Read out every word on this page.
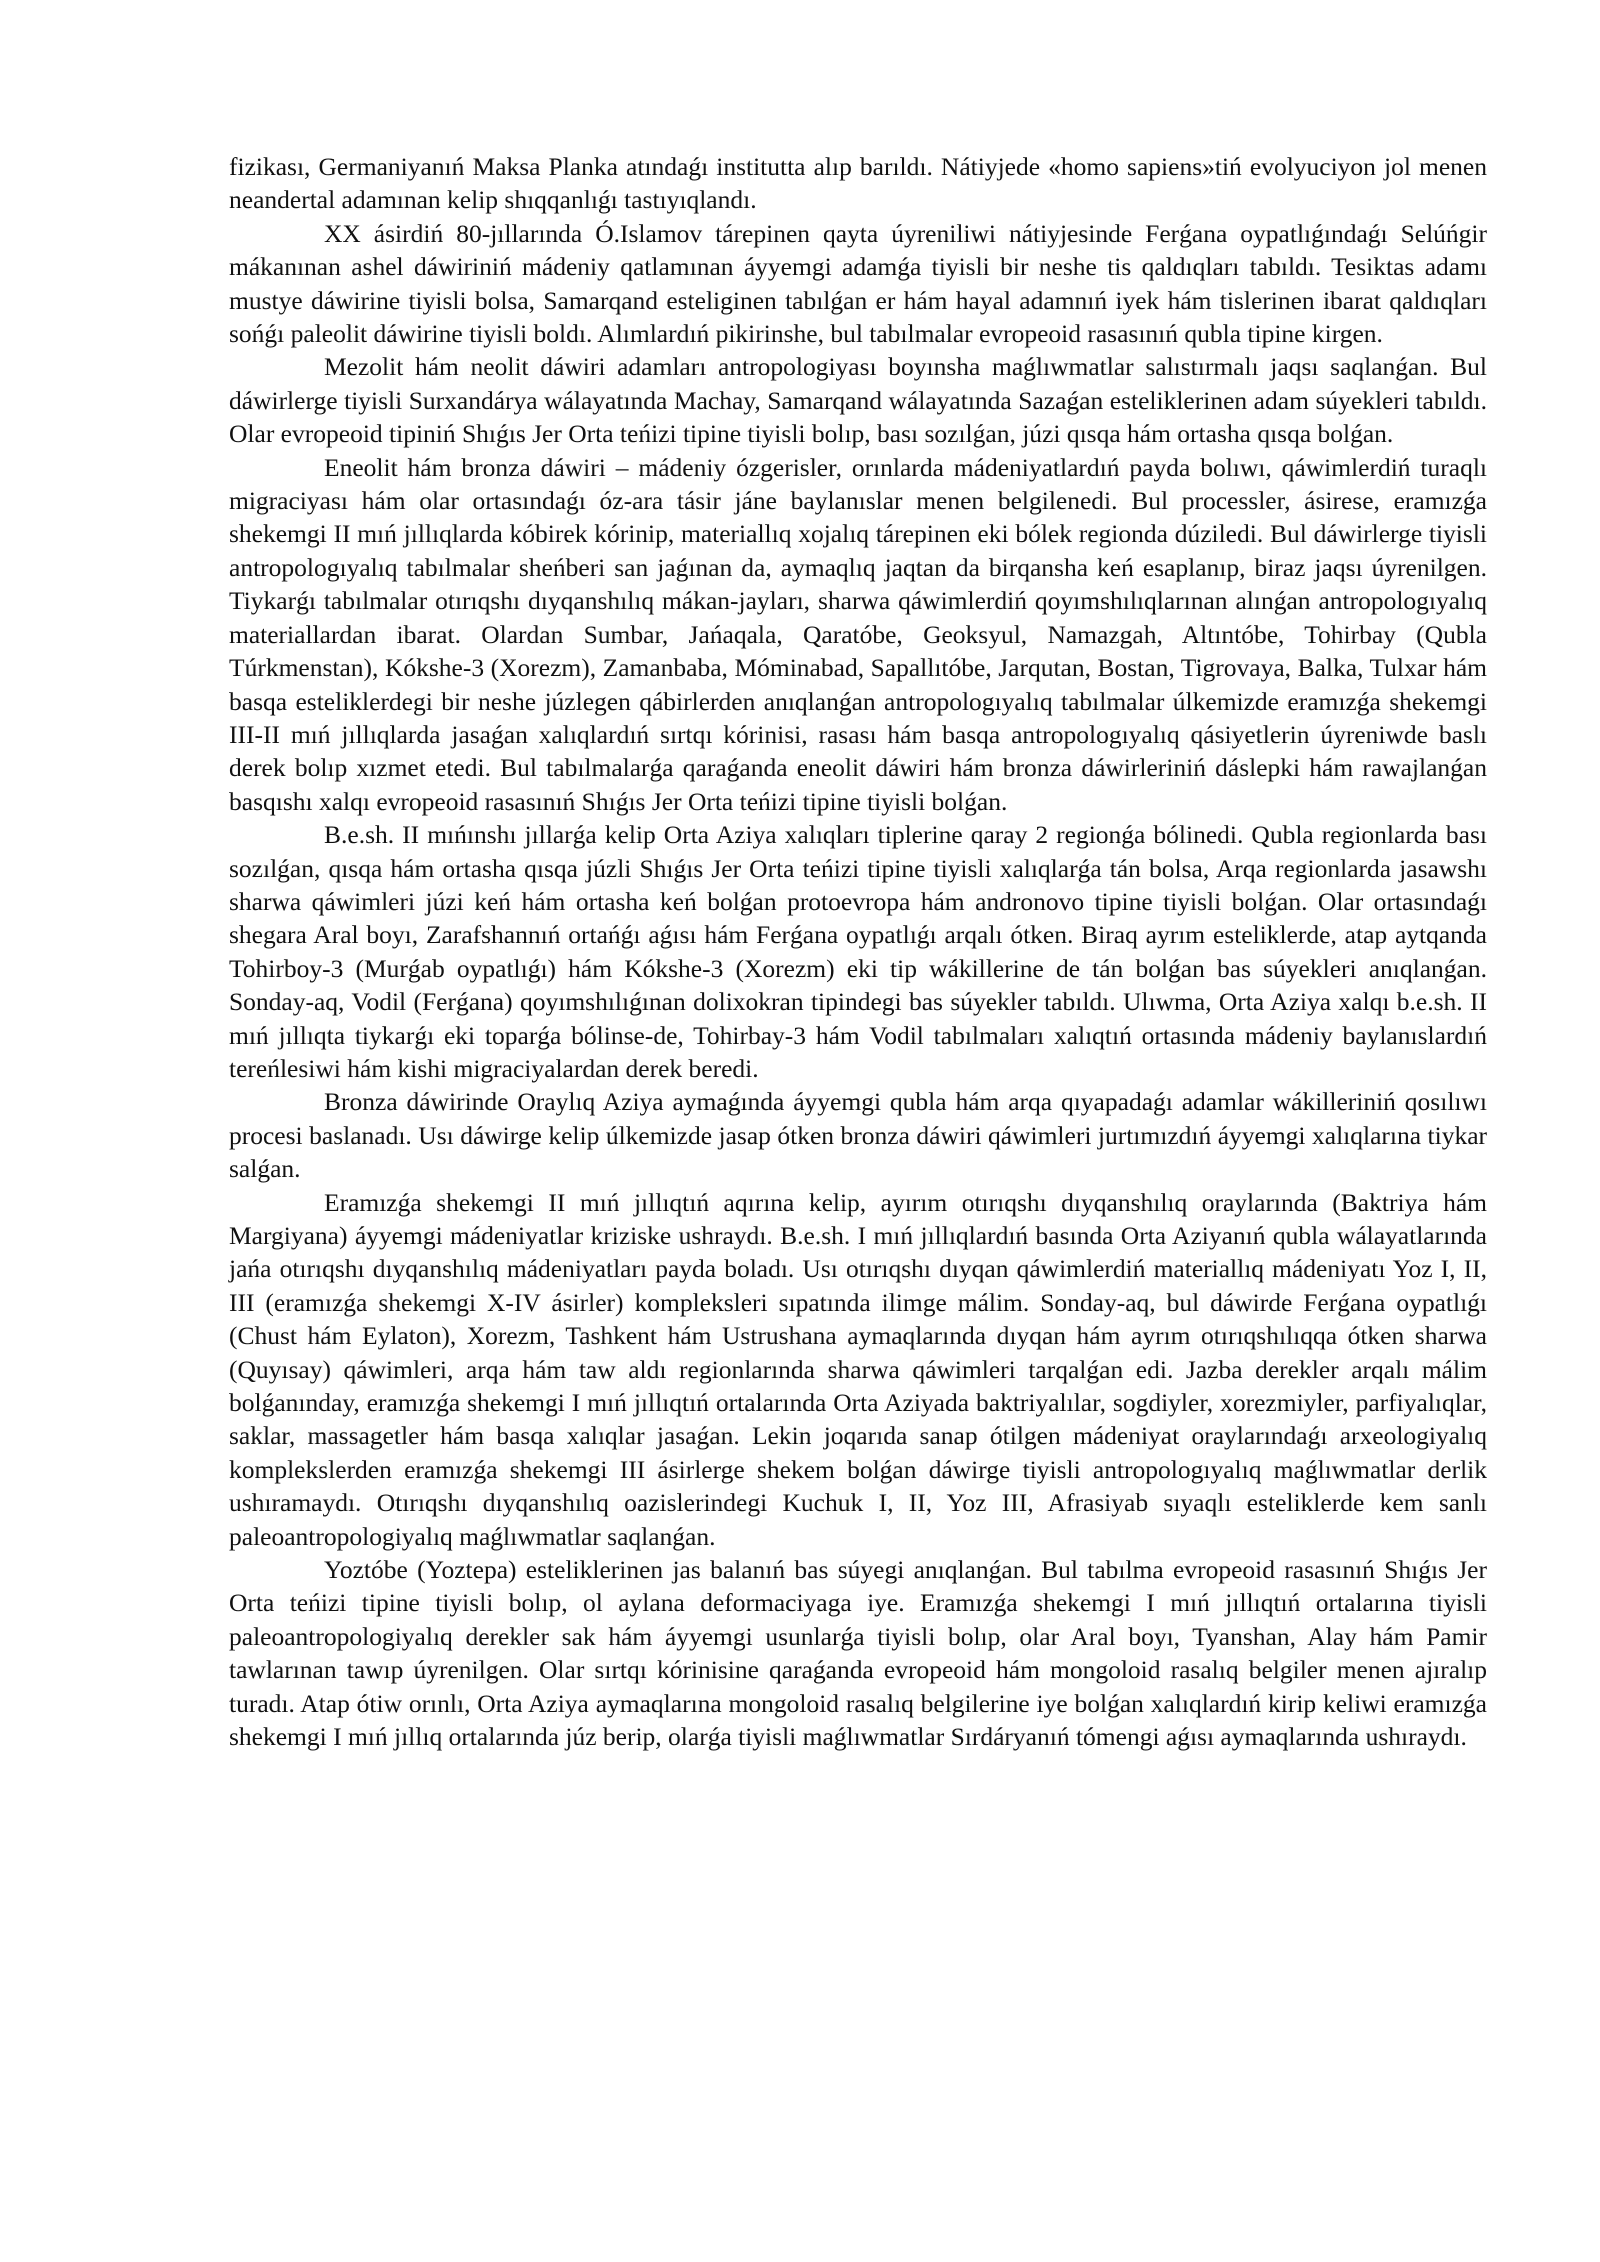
fizikası, Germaniyanıń Maksa Planka atındaǵı institutta alıp barıldı. Nátiyjede «homo sapiens»tiń evolyuciyon jol menen neandertal adamınan kelip shıqqanlıǵı tastıyıqlandı.

XX ásirdiń 80-jıllarında Ó.Islamov tárepinen qayta úyreniliwi nátiyjesinde Ferǵana oypatlıǵındaǵı Selúńgir mákanınan ashel dáwiriniń mádeniy qatlamınan áyyemgi adamǵa tiyisli bir neshe tis qaldıqları tabıldı. Tesiktas adamı mustye dáwirine tiyisli bolsa, Samarqand esteliginen tabılǵan er hám hayal adamnıń iyek hám tislerinen ibarat qaldıqları sońǵı paleolit dáwirine tiyisli boldı. Alımlardıń pikirinshe, bul tabılmalar evropeoid rasasınıń qubla tipine kirgen.

Mezolit hám neolit dáwiri adamları antropologiyası boyınsha maǵlıwmatlar salıstırmalı jaqsı saqlanǵan. Bul dáwirlerge tiyisli Surxandárya wálayatında Machay, Samarqand wálayatında Sazaǵan esteliklerinen adam súyekleri tabıldı. Olar evropeoid tipiniń Shıǵıs Jer Orta teńizi tipine tiyisli bolıp, bası sozılǵan, júzi qısqa hám ortasha qısqa bolǵan.

Eneolit hám bronza dáwiri – mádeniy ózgerisler, orınlarda mádeniyatlardıń payda bolıwı, qáwimlerdiń turaqlı migraciyası hám olar ortasındaǵı óz-ara tásir jáne baylanıslar menen belgilenedi. Bul processler, ásirese, eramızǵa shekemgi II mıń jıllıqlarda kóbirek kórinip, materiallıq xojalıq tárepinen eki bólek regionda dúziledi. Bul dáwirlerge tiyisli antropologıyalıq tabılmalar sheńberi san jaǵınan da, aymaqlıq jaqtan da birqansha keń esaplanıp, biraz jaqsı úyrenilgen. Tiykarǵı tabılmalar otırıqshı dıyqanshılıq mákan-jayları, sharwa qáwimlerdiń qoyımshılıqlarınan alınǵan antropologıyalıq materiallardan ibarat. Olardan Sumbar, Jańaqala, Qaratóbe, Geoksyul, Namazgah, Altıntóbe, Tohirbay (Qubla Túrkmenstan), Kókshe-3 (Xorezm), Zamanbaba, Móminabad, Sapallıtóbe, Jarqutan, Bostan, Tigrovaya, Balka, Tulxar hám basqa esteliklerdegi bir neshe júzlegen qábirlerden anıqlanǵan antropologıyalıq tabılmalar úlkemizde eramızǵa shekemgi III-II mıń jıllıqlarda jasaǵan xalıqlardıń sırtqı kórinisi, rasası hám basqa antropologıyalıq qásiyetlerin úyreniwde baslı derek bolıp xızmet etedi. Bul tabılmalarǵa qaraǵanda eneolit dáwiri hám bronza dáwirleriniń dáslepki hám rawajlanǵan basqıshı xalqı evropeoid rasasınıń Shıǵıs Jer Orta teńizi tipine tiyisli bolǵan.

B.e.sh. II mıńınshı jıllarǵa kelip Orta Aziya xalıqları tiplerine qaray 2 regionǵa bólinedi. Qubla regionlarda bası sozılǵan, qısqa hám ortasha qısqa júzli Shıǵıs Jer Orta teńizi tipine tiyisli xalıqlarǵa tán bolsa, Arqa regionlarda jasawshı sharwa qáwimleri júzi keń hám ortasha keń bolǵan protoevropa hám andronovo tipine tiyisli bolǵan. Olar ortasındaǵı shegara Aral boyı, Zarafshannıń ortańǵı aǵısı hám Ferǵana oypatlıǵı arqalı ótken. Biraq ayrım esteliklerde, atap aytqanda Tohirboy-3 (Murǵab oypatlıǵı) hám Kókshe-3 (Xorezm) eki tip wákillerine de tán bolǵan bas súyekleri anıqlanǵan. Sonday-aq, Vodil (Ferǵana) qoyımshılıǵınan dolixokran tipindegi bas súyekler tabıldı. Ulıwma, Orta Aziya xalqı b.e.sh. II mıń jıllıqta tiykarǵı eki toparǵa bólinse-de, Tohirbay-3 hám Vodil tabılmaları xalıqtıń ortasında mádeniy baylanıslardıń tereńlesiwi hám kishi migraciyalardan derek beredi.

Bronza dáwirinde Oraylıq Aziya aymaǵında áyyemgi qubla hám arqa qıyapadaǵı adamlar wákilleriniń qosılıwı procesi baslanadı. Usı dáwirge kelip úlkemizde jasap ótken bronza dáwiri qáwimleri jurtımızdıń áyyemgi xalıqlarına tiykar salǵan.

Eramızǵa shekemgi II mıń jıllıqtıń aqırına kelip, ayırım otırıqshı dıyqanshılıq oraylarında (Baktriya hám Margiyana) áyyemgi mádeniyatlar kriziske ushraydı. B.e.sh. I mıń jıllıqlardıń basında Orta Aziyanıń qubla wálayatlarında jańa otırıqshı dıyqanshılıq mádeniyatları payda boladı. Usı otırıqshı dıyqan qáwimlerdiń materiallıq mádeniyatı Yoz I, II, III (eramızǵa shekemgi X-IV ásirler) kompleksleri sıpatında ilimge málim. Sonday-aq, bul dáwirde Ferǵana oypatlıǵı (Chust hám Eylaton), Xorezm, Tashkent hám Ustrushana aymaqlarında dıyqan hám ayrım otırıqshılıqqa ótken sharwa (Quyısay) qáwimleri, arqa hám taw aldı regionlarında sharwa qáwimleri tarqalǵan edi. Jazba derekler arqalı málim bolǵanınday, eramızǵa shekemgi I mıń jıllıqtıń ortalarında Orta Aziyada baktriyalılar, sogdiyler, xorezmiyler, parfiyalıqlar, saklar, massagetler hám basqa xalıqlar jasaǵan. Lekin joqarıda sanap ótilgen mádeniyat oraylarındaǵı arxeologiyalıq komplekslerden eramızǵa shekemgi III ásirlerge shekem bolǵan dáwirge tiyisli antropologıyalıq maǵlıwmatlar derlik ushıramaydı. Otırıqshı dıyqanshılıq oazislerindegi Kuchuk I, II, Yoz III, Afrasiyab sıyaqlı esteliklerde kem sanlı paleoantropologiyalıq maǵlıwmatlar saqlanǵan.

Yoztóbe (Yoztepa) esteliklerinen jas balanıń bas súyegi anıqlanǵan. Bul tabılma evropeoid rasasınıń Shıǵıs Jer Orta teńizi tipine tiyisli bolıp, ol aylana deformaciyaga iye. Eramızǵa shekemgi I mıń jıllıqtıń ortalarına tiyisli paleoantropologiyalıq derekler sak hám áyyemgi usunlarǵa tiyisli bolıp, olar Aral boyı, Tyanshan, Alay hám Pamir tawlarınan tawıp úyrenilgen. Olar sırtqı kórinisine qaraǵanda evropeoid hám mongoloid rasalıq belgiler menen ajıralıp turadı. Atap ótiw orınlı, Orta Aziya aymaqlarına mongoloid rasalıq belgilerine iye bolǵan xalıqlardıń kirip keliwi eramızǵa shekemgi I mıń jıllıq ortalarında júz berip, olarǵa tiyisli maǵlıwmatlar Sırdáryanıń tómengi aǵısı aymaqlarında ushıraydı.
